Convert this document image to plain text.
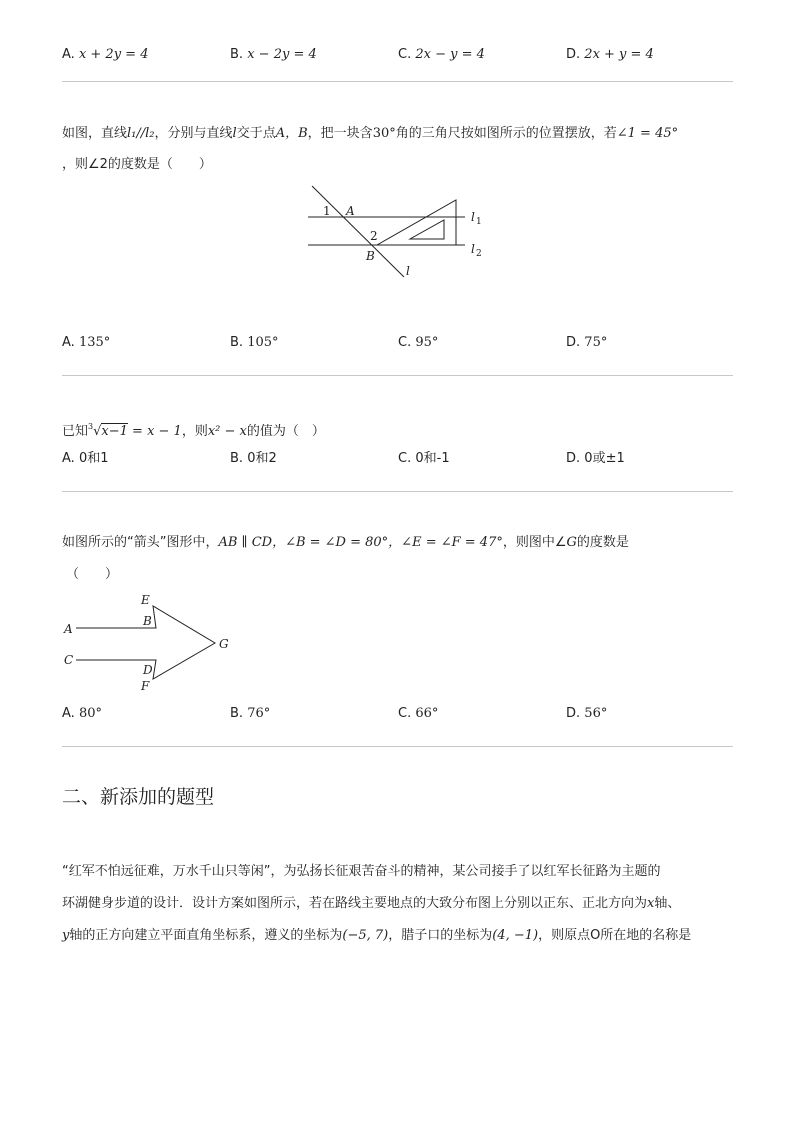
A. x + 2y = 4	B. x − 2y = 4	C. 2x − y = 4	D. 2x + y = 4
如图，直线l₁//l₂，分别与直线l交于点A，B，把一块含30°角的三角尺按如图所示的位置摆放，若∠1 = 45°
，则∠2的度数是（　　）
1 A
2
B
l
l 1
l 2
A. 135°	B. 105°	C. 95°	D. 75°
已知$^3$√x−1 = x − 1，则x² − x的值为（　）
A. 0和1	B. 0和2	C. 0和-1	D. 0或±1
如图所示的“箭头”图形中，AB ∥ CD，∠B = ∠D = 80°，∠E = ∠F = 47°，则图中∠G的度数是
（　　）
E
B
A
C
D
F
G
A. 80°	B. 76°	C. 66°	D. 56°
二、新添加的题型
“红军不怕远征难，万水千山只等闲”，为弘扬长征艰苦奋斗的精神，某公司接手了以红军长征路为主题的
环湖健身步道的设计．设计方案如图所示，若在路线主要地点的大致分布图上分别以正东、正北方向为x轴、
y轴的正方向建立平面直角坐标系，遵义的坐标为(−5, 7)，腊子口的坐标为(4, −1)，则原点O所在地的名称是
